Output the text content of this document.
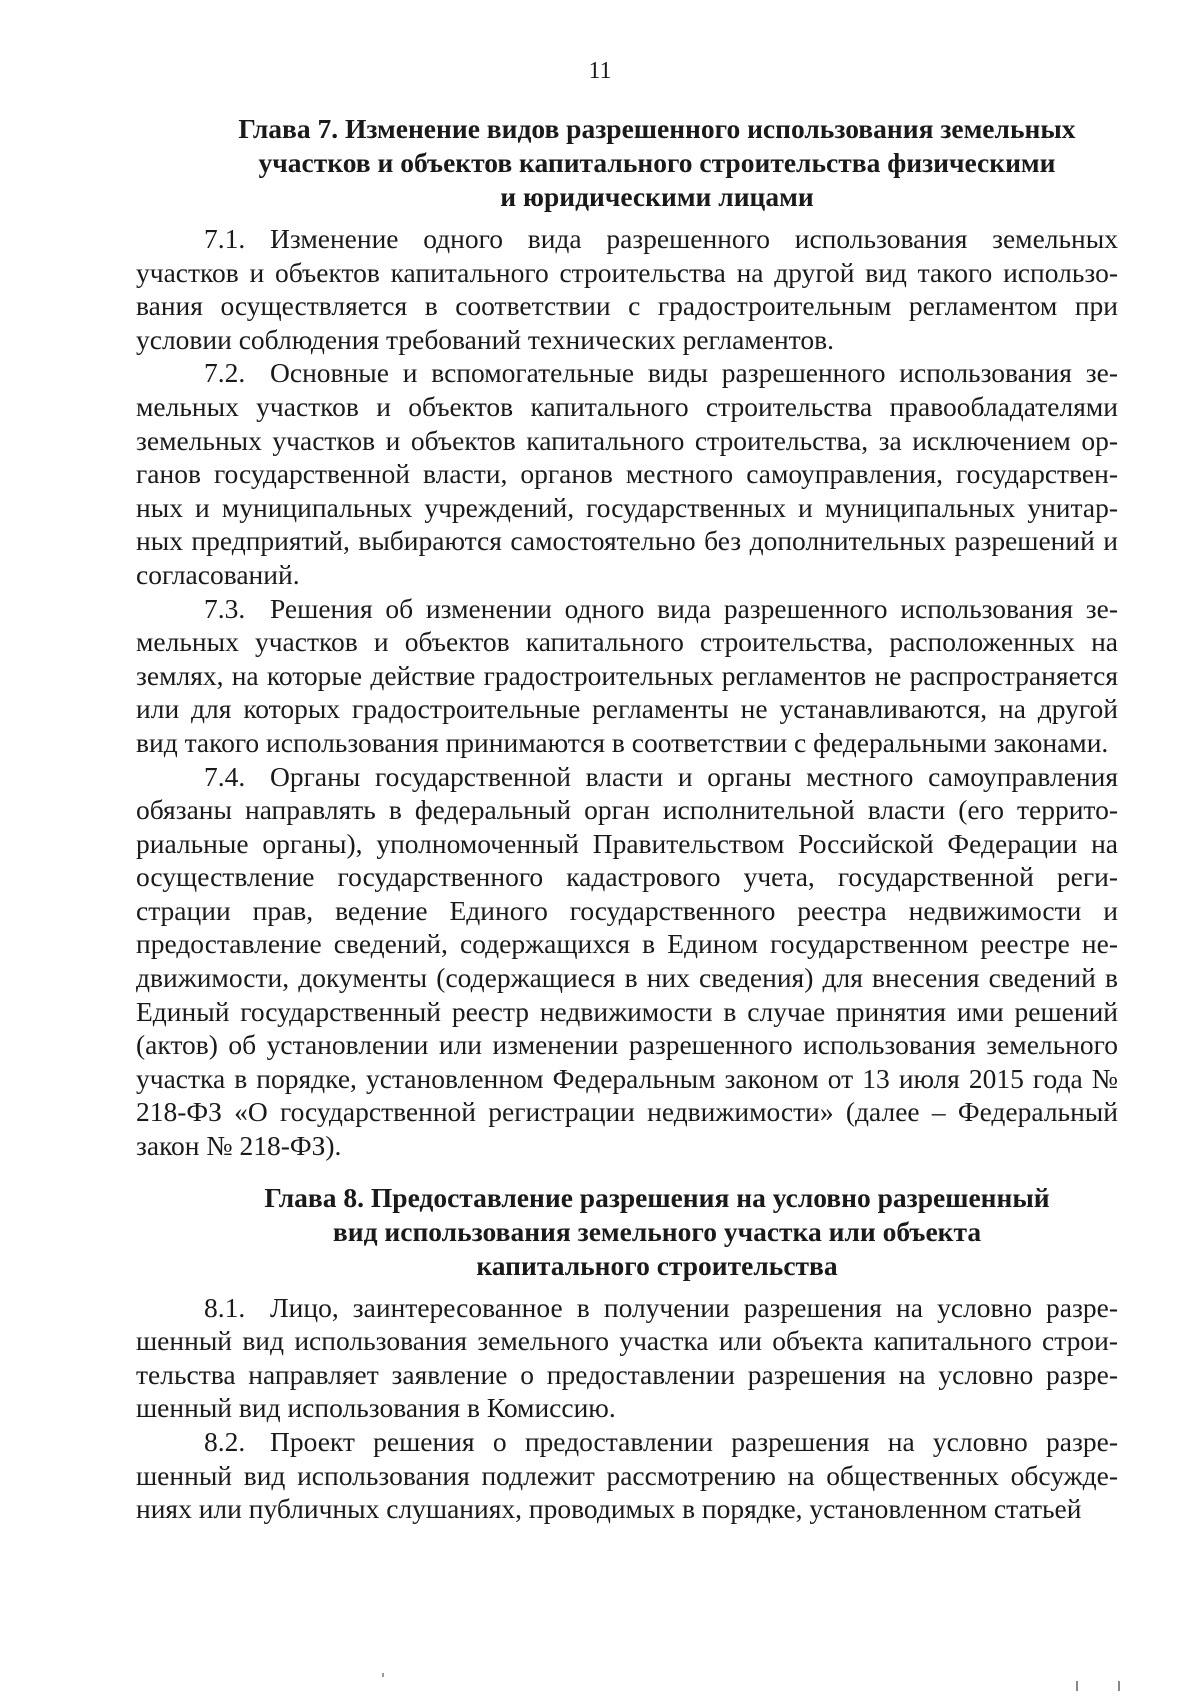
11
Глава 7. Изменение видов разрешенного использования земельных
участков и объектов капитального строительства физическими
и юридическими лицами

7.1. Изменение одного вида разрешенного использования земельных участков и объектов капитального строительства на другой вид такого использования осуществляется в соответствии с градостроительным регламентом при условии соблюдения требований технических регламентов.

7.2. Основные и вспомогательные виды разрешенного использования земельных участков и объектов капитального строительства правообладателями земельных участков и объектов капитального строительства, за исключением органов государственной власти, органов местного самоуправления, государственных и муниципальных учреждений, государственных и муниципальных унитарных предприятий, выбираются самостоятельно без дополнительных разрешений и согласований.

7.3. Решения об изменении одного вида разрешенного использования земельных участков и объектов капитального строительства, расположенных на землях, на которые действие градостроительных регламентов не распространяется или для которых градостроительные регламенты не устанавливаются, на другой вид такого использования принимаются в соответствии с федеральными законами.

7.4. Органы государственной власти и органы местного самоуправления обязаны направлять в федеральный орган исполнительной власти (его территориальные органы), уполномоченный Правительством Российской Федерации на осуществление государственного кадастрового учета, государственной регистрации прав, ведение Единого государственного реестра недвижимости и предоставление сведений, содержащихся в Едином государственном реестре недвижимости, документы (содержащиеся в них сведения) для внесения сведений в Единый государственный реестр недвижимости в случае принятия ими решений (актов) об установлении или изменении разрешенного использования земельного участка в порядке, установленном Федеральным законом от 13 июля 2015 года № 218-ФЗ «О государственной регистрации недвижимости» (далее – Федеральный закон № 218-ФЗ).

Глава 8. Предоставление разрешения на условно разрешенный
вид использования земельного участка или объекта
капитального строительства

8.1. Лицо, заинтересованное в получении разрешения на условно разрешенный вид использования земельного участка или объекта капитального строительства направляет заявление о предоставлении разрешения на условно разрешенный вид использования в Комиссию.

8.2. Проект решения о предоставлении разрешения на условно разрешенный вид использования подлежит рассмотрению на общественных обсуждениях или публичных слушаниях, проводимых в порядке, установленном статьей
